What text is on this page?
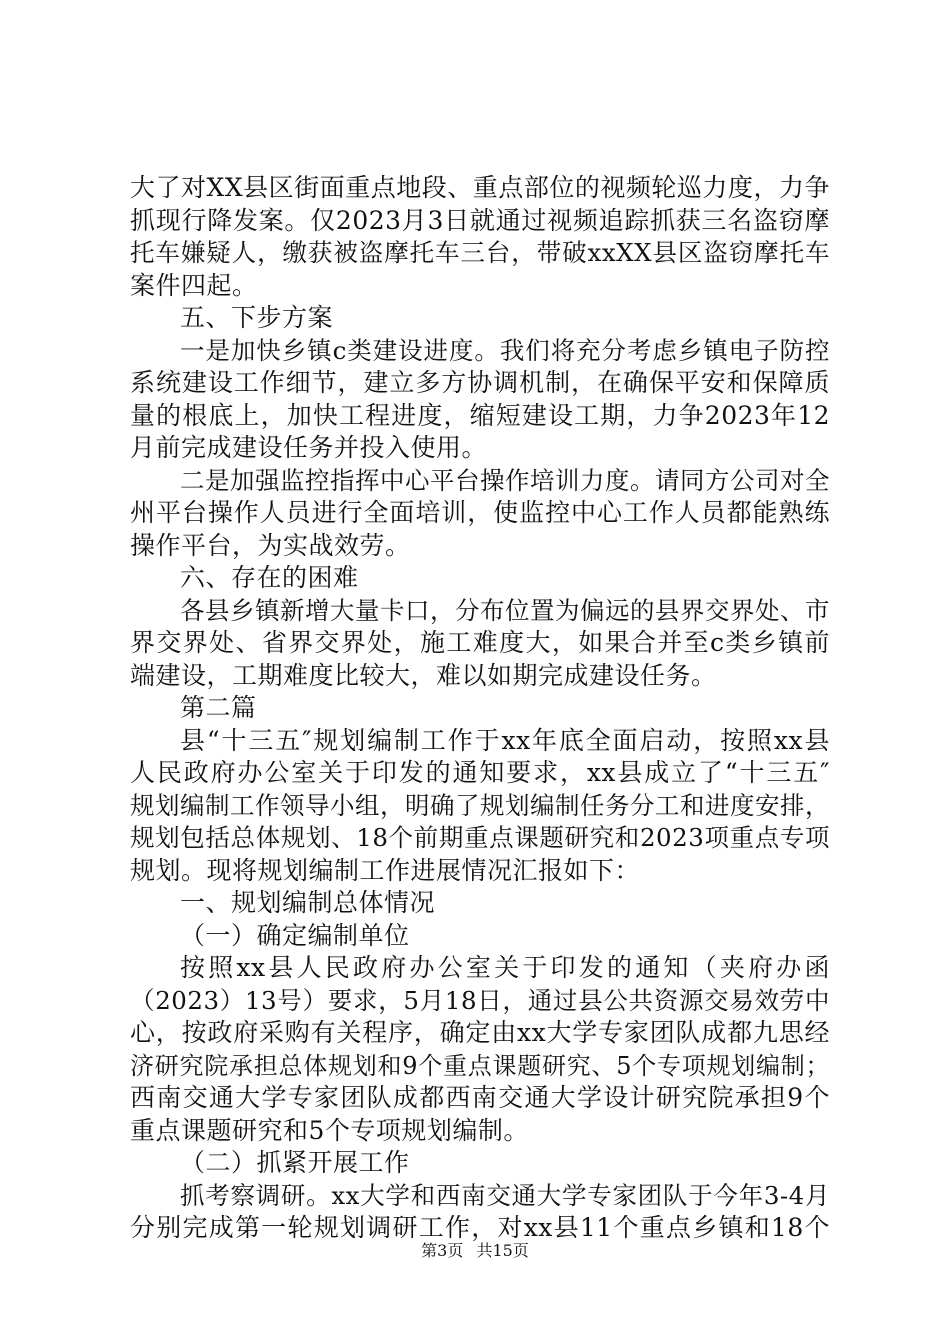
大了对XX县区街面重点地段、重点部位的视频轮巡力度，力争
抓现行降发案。仅2023月3日就通过视频追踪抓获三名盗窃摩
托车嫌疑人，缴获被盗摩托车三台，带破xxXX县区盗窃摩托车
案件四起。
五、下步方案
一是加快乡镇c类建设进度。我们将充分考虑乡镇电子防控
系统建设工作细节，建立多方协调机制，在确保平安和保障质
量的根底上，加快工程进度，缩短建设工期，力争2023年12
月前完成建设任务并投入使用。
二是加强监控指挥中心平台操作培训力度。请同方公司对全
州平台操作人员进行全面培训，使监控中心工作人员都能熟练
操作平台，为实战效劳。
六、存在的困难
各县乡镇新增大量卡口，分布位置为偏远的县界交界处、市
界交界处、省界交界处，施工难度大，如果合并至c类乡镇前
端建设，工期难度比较大，难以如期完成建设任务。
第二篇
县“十三五″规划编制工作于xx年底全面启动，按照xx县
人民政府办公室关于印发的通知要求，xx县成立了“十三五″
规划编制工作领导小组，明确了规划编制任务分工和进度安排，
规划包括总体规划、18个前期重点课题研究和2023项重点专项
规划。现将规划编制工作进展情况汇报如下：
一、规划编制总体情况
（一）确定编制单位
按照xx县人民政府办公室关于印发的通知（夹府办函
（2023）13号）要求，5月18日，通过县公共资源交易效劳中
心，按政府采购有关程序，确定由xx大学专家团队成都九思经
济研究院承担总体规划和9个重点课题研究、5个专项规划编制；
西南交通大学专家团队成都西南交通大学设计研究院承担9个
重点课题研究和5个专项规划编制。
（二）抓紧开展工作
抓考察调研。xx大学和西南交通大学专家团队于今年3-4月
分别完成第一轮规划调研工作，对xx县11个重点乡镇和18个
第3页 共15页
